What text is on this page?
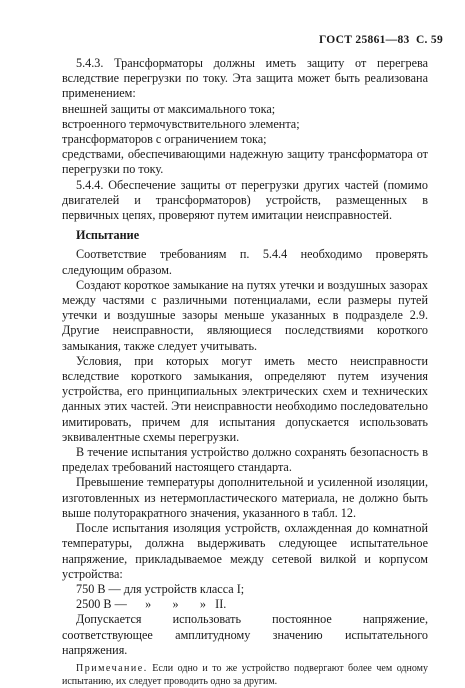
ГОСТ 25861—83 С. 59

5.4.3. Трансформаторы должны иметь защиту от перегрева вследствие перегрузки по току. Эта защита может быть реализована применением:

внешней защиты от максимального тока;

встроенного термочувствительного элемента;

трансформаторов с ограничением тока;

средствами, обеспечивающими надежную защиту трансформатора от перегрузки по току.

5.4.4. Обеспечение защиты от перегрузки других частей (помимо двигателей и трансформаторов) устройств, размещенных в первичных цепях, проверяют путем имитации неисправностей.

Испытание

Соответствие требованиям п. 5.4.4 необходимо проверять следующим образом.

Создают короткое замыкание на путях утечки и воздушных зазорах между частями с различными потенциалами, если размеры путей утечки и воздушные зазоры меньше указанных в подразделе 2.9. Другие неисправности, являющиеся последствиями короткого замыкания, также следует учитывать.

Условия, при которых могут иметь место неисправности вследствие короткого замыкания, определяют путем изучения устройства, его принципиальных электрических схем и технических данных этих частей. Эти неисправности необходимо последовательно имитировать, причем для испытания допускается использовать эквивалентные схемы перегрузки.

В течение испытания устройство должно сохранять безопасность в пределах требований настоящего стандарта.

Превышение температуры дополнительной и усиленной изоляции, изготовленных из нетермопластического материала, не должно быть выше полуторакратного значения, указанного в табл. 12.

После испытания изоляция устройств, охлажденная до комнатной температуры, должна выдерживать следующее испытательное напряжение, прикладываемое между сетевой вилкой и корпусом устройства:

750 В — для устройств класса I;

2500 В —      »       »       »   II.

Допускается использовать постоянное напряжение, соответствующее амплитудному значению испытательного напряжения.

Примечание. Если одно и то же устройство подвергают более чем одному испытанию, их следует проводить одно за другим.
